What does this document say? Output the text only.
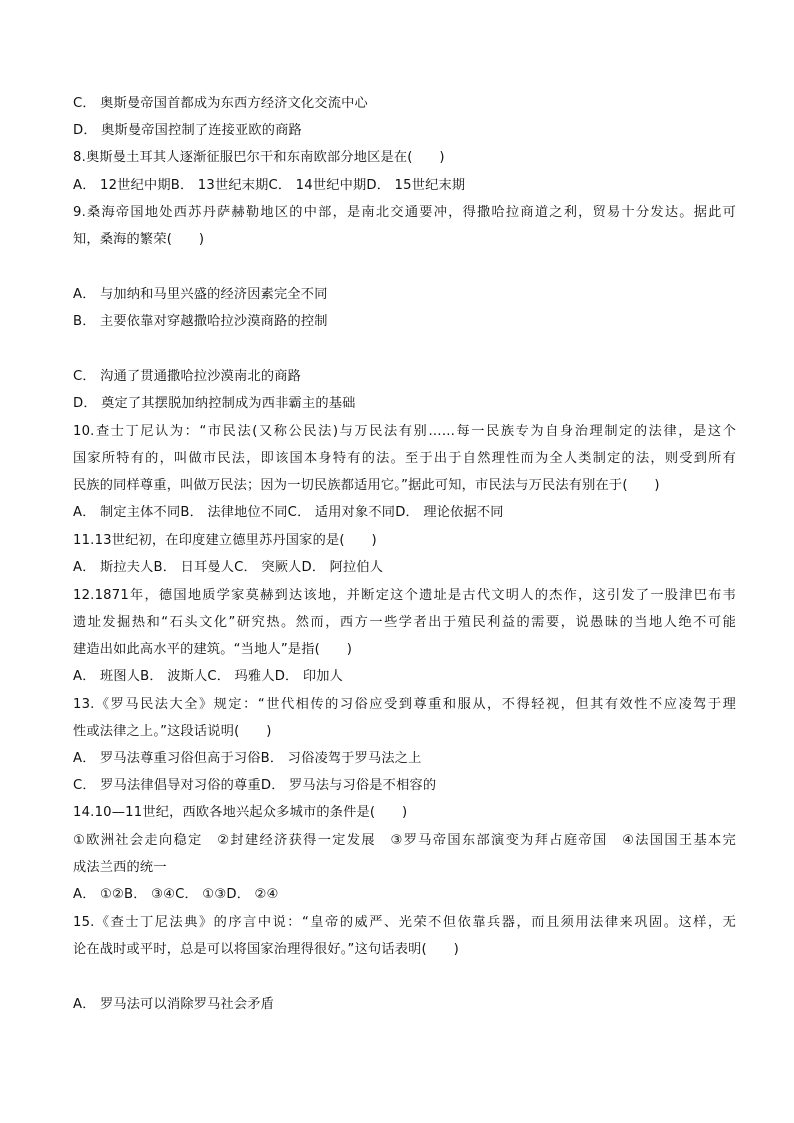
C． 奥斯曼帝国首都成为东西方经济文化交流中心
D． 奥斯曼帝国控制了连接亚欧的商路
8.奥斯曼土耳其人逐渐征服巴尔干和东南欧部分地区是在(　　)
A． 12世纪中期B． 13世纪末期C． 14世纪中期D． 15世纪末期
9.桑海帝国地处西苏丹萨赫勒地区的中部，是南北交通要冲，得撒哈拉商道之利，贸易十分发达。据此可
知，桑海的繁荣(　　)
A． 与加纳和马里兴盛的经济因素完全不同
B． 主要依靠对穿越撒哈拉沙漠商路的控制
C． 沟通了贯通撒哈拉沙漠南北的商路
D． 奠定了其摆脱加纳控制成为西非霸主的基础
10.查士丁尼认为：“市民法(又称公民法)与万民法有别……每一民族专为自身治理制定的法律，是这个
国家所特有的，叫做市民法，即该国本身特有的法。至于出于自然理性而为全人类制定的法，则受到所有
民族的同样尊重，叫做万民法；因为一切民族都适用它。”据此可知，市民法与万民法有别在于(　　)
A． 制定主体不同B． 法律地位不同C． 适用对象不同D． 理论依据不同
11.13世纪初，在印度建立德里苏丹国家的是(　　)
A． 斯拉夫人B． 日耳曼人C． 突厥人D． 阿拉伯人
12.1871年，德国地质学家莫赫到达该地，并断定这个遗址是古代文明人的杰作，这引发了一股津巴布韦
遗址发掘热和“石头文化”研究热。然而，西方一些学者出于殖民利益的需要，说愚昧的当地人绝不可能
建造出如此高水平的建筑。“当地人”是指(　　)
A． 班图人B． 波斯人C． 玛雅人D． 印加人
13.《罗马民法大全》规定：“世代相传的习俗应受到尊重和服从，不得轻视，但其有效性不应凌驾于理
性或法律之上。”这段话说明(　　)
A． 罗马法尊重习俗但高于习俗B． 习俗凌驾于罗马法之上
C． 罗马法律倡导对习俗的尊重D． 罗马法与习俗是不相容的
14.10—11世纪，西欧各地兴起众多城市的条件是(　　)
①欧洲社会走向稳定　②封建经济获得一定发展　③罗马帝国东部演变为拜占庭帝国　④法国国王基本完
成法兰西的统一
A． ①②B． ③④C． ①③D． ②④
15.《查士丁尼法典》的序言中说：“皇帝的威严、光荣不但依靠兵器，而且须用法律来巩固。这样，无
论在战时或平时，总是可以将国家治理得很好。”这句话表明(　　)
A． 罗马法可以消除罗马社会矛盾
